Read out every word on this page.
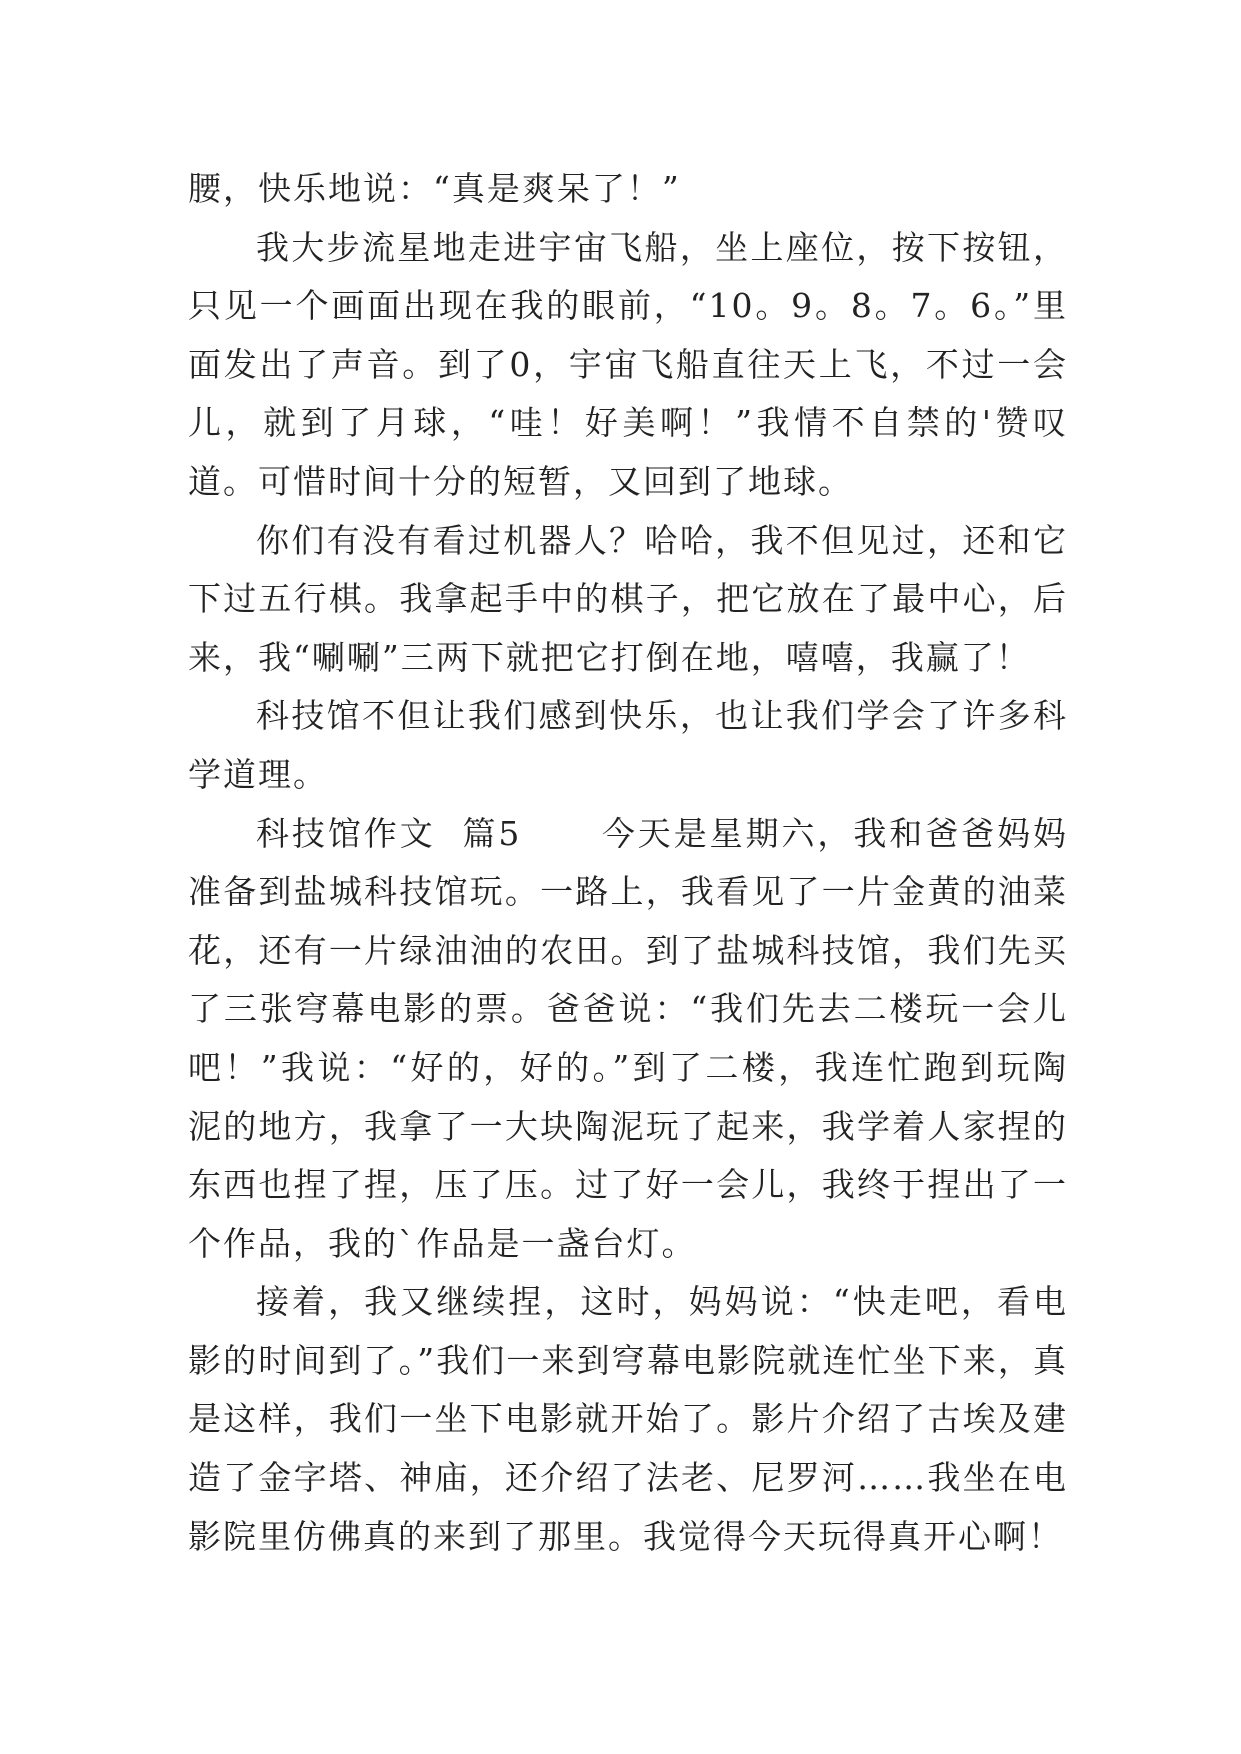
腰，快乐地说：“真是爽呆了！”

我大步流星地走进宇宙飞船，坐上座位，按下按钮，只见一个画面出现在我的眼前，“10。9。8。7。6。”里面发出了声音。到了0，宇宙飞船直往天上飞，不过一会儿，就到了月球，“哇！好美啊！”我情不自禁的'赞叹道。可惜时间十分的短暂，又回到了地球。

你们有没有看过机器人？哈哈，我不但见过，还和它下过五行棋。我拿起手中的棋子，把它放在了最中心，后来，我“唰唰”三两下就把它打倒在地，嘻嘻，我赢了！

科技馆不但让我们感到快乐，也让我们学会了许多科学道理。

科技馆作文  篇5      今天是星期六，我和爸爸妈妈准备到盐城科技馆玩。一路上，我看见了一片金黄的油菜花，还有一片绿油油的农田。到了盐城科技馆，我们先买了三张穹幕电影的票。爸爸说：“我们先去二楼玩一会儿吧！”我说：“好的，好的。”到了二楼，我连忙跑到玩陶泥的地方，我拿了一大块陶泥玩了起来，我学着人家捏的东西也捏了捏，压了压。过了好一会儿，我终于捏出了一个作品，我的`作品是一盏台灯。

接着，我又继续捏，这时，妈妈说：“快走吧，看电影的时间到了。”我们一来到穹幕电影院就连忙坐下来，真是这样，我们一坐下电影就开始了。影片介绍了古埃及建造了金字塔、神庙，还介绍了法老、尼罗河……我坐在电影院里仿佛真的来到了那里。我觉得今天玩得真开心啊！
